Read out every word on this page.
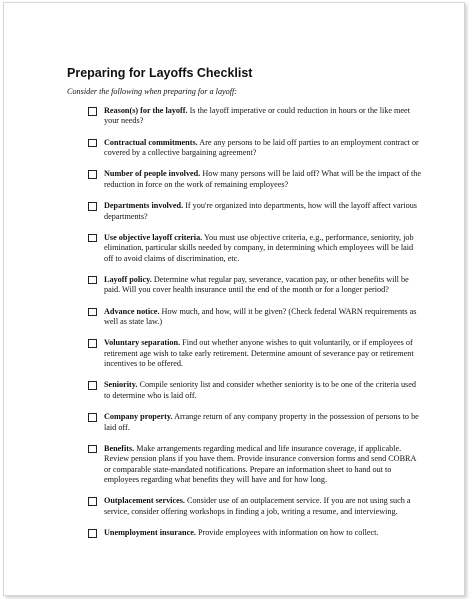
Preparing for Layoffs Checklist
Consider the following when preparing for a layoff:
Reason(s) for the layoff. Is the layoff imperative or could reduction in hours or the like meet your needs?
Contractual commitments. Are any persons to be laid off parties to an employment contract or covered by a collective bargaining agreement?
Number of people involved. How many persons will be laid off? What will be the impact of the reduction in force on the work of remaining employees?
Departments involved. If you're organized into departments, how will the layoff affect various departments?
Use objective layoff criteria. You must use objective criteria, e.g., performance, seniority, job elimination, particular skills needed by company, in determining which employees will be laid off to avoid claims of discrimination, etc.
Layoff policy. Determine what regular pay, severance, vacation pay, or other benefits will be paid. Will you cover health insurance until the end of the month or for a longer period?
Advance notice. How much, and how, will it be given? (Check federal WARN requirements as well as state law.)
Voluntary separation. Find out whether anyone wishes to quit voluntarily, or if employees of retirement age wish to take early retirement. Determine amount of severance pay or retirement incentives to be offered.
Seniority. Compile seniority list and consider whether seniority is to be one of the criteria used to determine who is laid off.
Company property. Arrange return of any company property in the possession of persons to be laid off.
Benefits. Make arrangements regarding medical and life insurance coverage, if applicable. Review pension plans if you have them. Provide insurance conversion forms and send COBRA or comparable state-mandated notifications. Prepare an information sheet to hand out to employees regarding what benefits they will have and for how long.
Outplacement services. Consider use of an outplacement service. If you are not using such a service, consider offering workshops in finding a job, writing a resume, and interviewing.
Unemployment insurance. Provide employees with information on how to collect.
